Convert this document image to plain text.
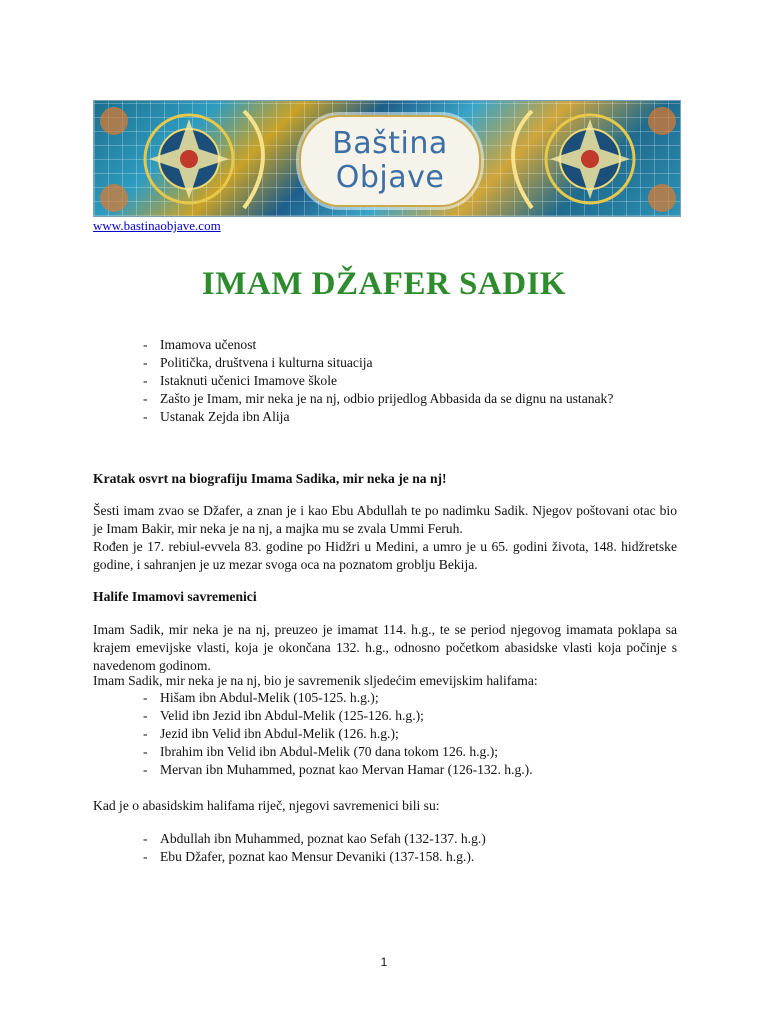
Baština
Objave
www.bastinaobjave.com
IMAM DŽAFER SADIK
- Imamova učenost
- Politička, društvena i kulturna situacija
- Istaknuti učenici Imamove škole
- Zašto je Imam, mir neka je na nj, odbio prijedlog Abbasida da se dignu na ustanak?
- Ustanak Zejda ibn Alija
Kratak osvrt na biografiju Imama Sadika, mir neka je na nj!
Šesti imam zvao se Džafer, a znan je i kao Ebu Abdullah te po nadimku Sadik. Njegov poštovani otac bio je Imam Bakir, mir neka je na nj, a majka mu se zvala Ummi Feruh.
Rođen je 17. rebiul-evvela 83. godine po Hidžri u Medini, a umro je u 65. godini života, 148. hidžretske godine, i sahranjen je uz mezar svoga oca na poznatom groblju Bekija.
Halife Imamovi savremenici
Imam Sadik, mir neka je na nj, preuzeo je imamat 114. h.g., te se period njegovog imamata poklapa sa krajem emevijske vlasti, koja je okončana 132. h.g., odnosno početkom abasidske vlasti koja počinje s navedenom godinom.
Imam Sadik, mir neka je na nj, bio je savremenik sljedećim emevijskim halifama:
- Hišam ibn Abdul-Melik (105-125. h.g.);
- Velid ibn Jezid ibn Abdul-Melik (125-126. h.g.);
- Jezid ibn Velid ibn Abdul-Melik (126. h.g.);
- Ibrahim ibn Velid ibn Abdul-Melik (70 dana tokom 126. h.g.);
- Mervan ibn Muhammed, poznat kao Mervan Hamar (126-132. h.g.).
Kad je o abasidskim halifama riječ, njegovi savremenici bili su:
- Abdullah ibn Muhammed, poznat kao Sefah (132-137. h.g.)
- Ebu Džafer, poznat kao Mensur Devaniki (137-158. h.g.).
1
